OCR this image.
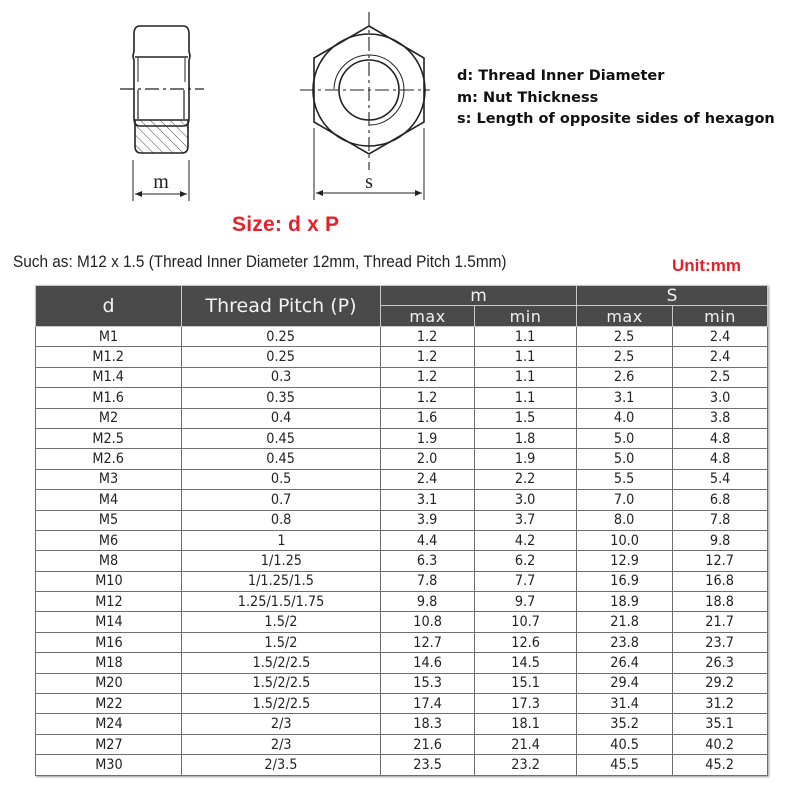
m	s
d: Thread Inner Diameter
m: Nut Thickness
s: Length of opposite sides of hexagon
Size: d x P
Such as: M12 x 1.5 (Thread Inner Diameter 12mm, Thread Pitch 1.5mm)	Unit:mm
d	Thread Pitch (P)	m		S	
		max	min	max	min
M1	0.25	1.2	1.1	2.5	2.4
M1.2	0.25	1.2	1.1	2.5	2.4
M1.4	0.3	1.2	1.1	2.6	2.5
M1.6	0.35	1.2	1.1	3.1	3.0
M2	0.4	1.6	1.5	4.0	3.8
M2.5	0.45	1.9	1.8	5.0	4.8
M2.6	0.45	2.0	1.9	5.0	4.8
M3	0.5	2.4	2.2	5.5	5.4
M4	0.7	3.1	3.0	7.0	6.8
M5	0.8	3.9	3.7	8.0	7.8
M6	1	4.4	4.2	10.0	9.8
M8	1/1.25	6.3	6.2	12.9	12.7
M10	1/1.25/1.5	7.8	7.7	16.9	16.8
M12	1.25/1.5/1.75	9.8	9.7	18.9	18.8
M14	1.5/2	10.8	10.7	21.8	21.7
M16	1.5/2	12.7	12.6	23.8	23.7
M18	1.5/2/2.5	14.6	14.5	26.4	26.3
M20	1.5/2/2.5	15.3	15.1	29.4	29.2
M22	1.5/2/2.5	17.4	17.3	31.4	31.2
M24	2/3	18.3	18.1	35.2	35.1
M27	2/3	21.6	21.4	40.5	40.2
M30	2/3.5	23.5	23.2	45.5	45.2
